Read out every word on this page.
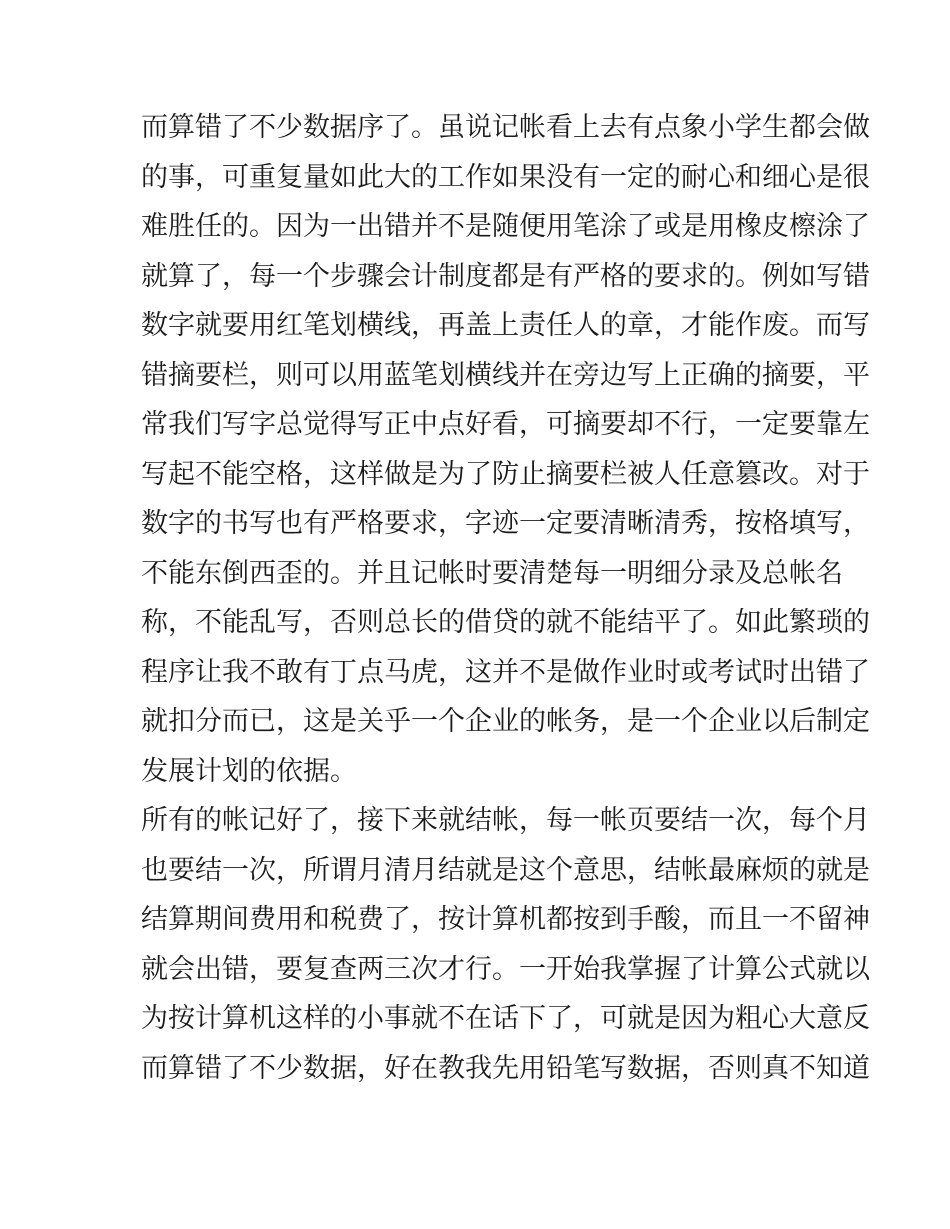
而算错了不少数据序了。虽说记帐看上去有点象小学生都会做
的事，可重复量如此大的工作如果没有一定的耐心和细心是很
难胜任的。因为一出错并不是随便用笔涂了或是用橡皮檫涂了
就算了，每一个步骤会计制度都是有严格的要求的。例如写错
数字就要用红笔划横线，再盖上责任人的章，才能作废。而写
错摘要栏，则可以用蓝笔划横线并在旁边写上正确的摘要，平
常我们写字总觉得写正中点好看，可摘要却不行，一定要靠左
写起不能空格，这样做是为了防止摘要栏被人任意篡改。对于
数字的书写也有严格要求，字迹一定要清晰清秀，按格填写，
不能东倒西歪的。并且记帐时要清楚每一明细分录及总帐名
称，不能乱写，否则总长的借贷的就不能结平了。如此繁琐的
程序让我不敢有丁点马虎，这并不是做作业时或考试时出错了
就扣分而已，这是关乎一个企业的帐务，是一个企业以后制定
发展计划的依据。
所有的帐记好了，接下来就结帐，每一帐页要结一次，每个月
也要结一次，所谓月清月结就是这个意思，结帐最麻烦的就是
结算期间费用和税费了，按计算机都按到手酸，而且一不留神
就会出错，要复查两三次才行。一开始我掌握了计算公式就以
为按计算机这样的小事就不在话下了，可就是因为粗心大意反
而算错了不少数据，好在教我先用铅笔写数据，否则真不知道
